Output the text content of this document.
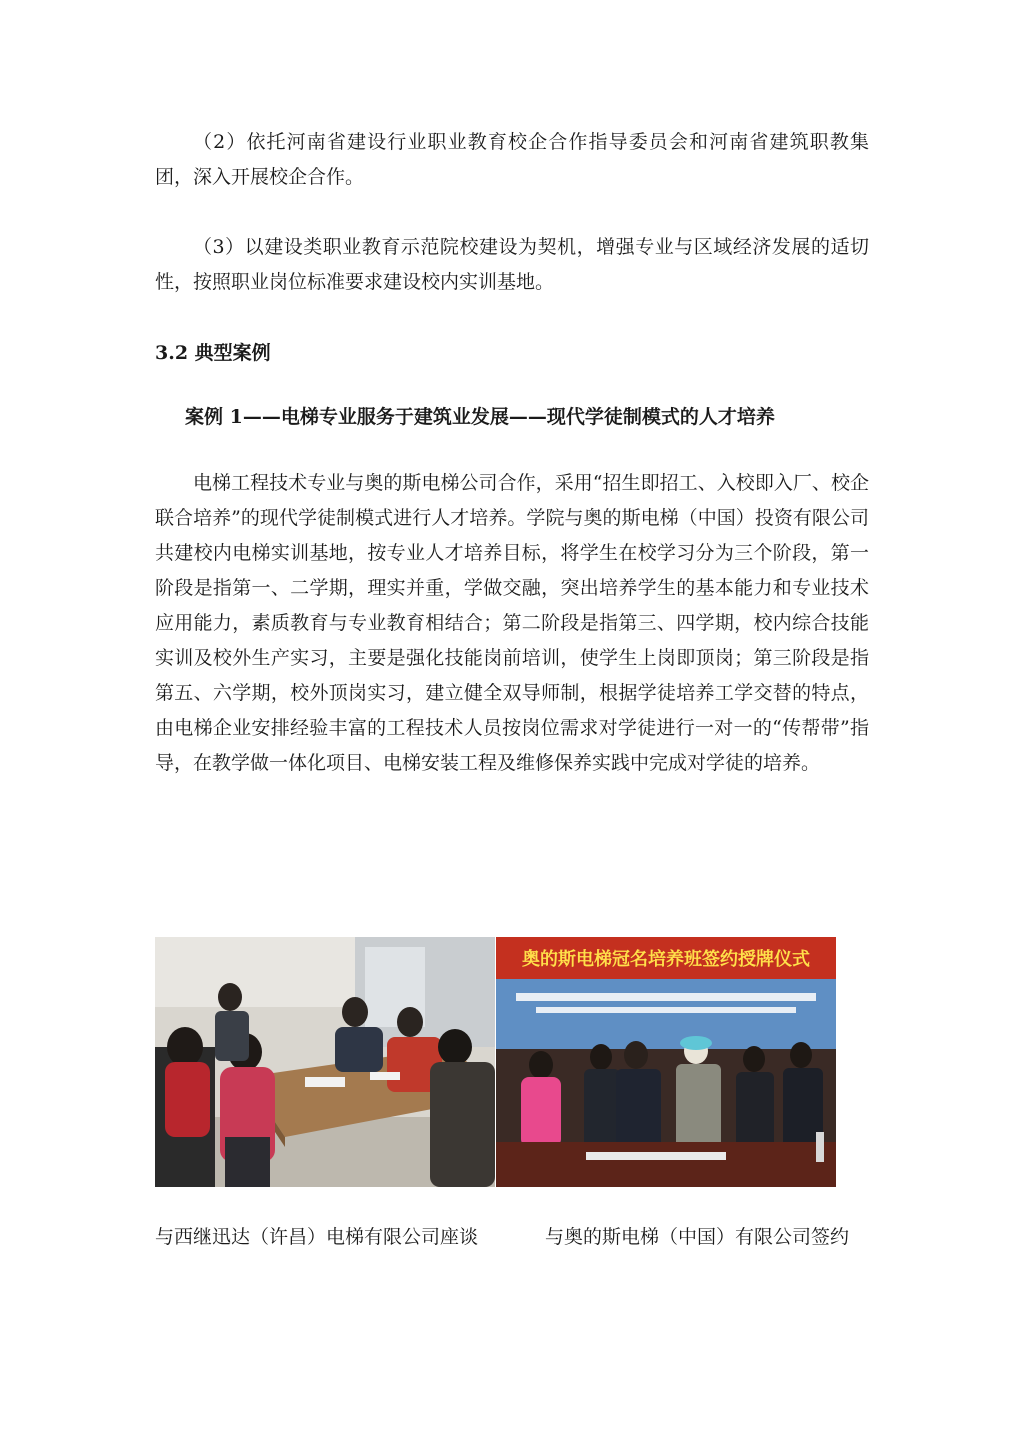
（2）依托河南省建设行业职业教育校企合作指导委员会和河南省建筑职教集团，深入开展校企合作。

（3）以建设类职业教育示范院校建设为契机，增强专业与区域经济发展的适切性，按照职业岗位标准要求建设校内实训基地。

3.2 典型案例

案例 1——电梯专业服务于建筑业发展——现代学徒制模式的人才培养

电梯工程技术专业与奥的斯电梯公司合作，采用“招生即招工、入校即入厂、校企联合培养”的现代学徒制模式进行人才培养。学院与奥的斯电梯（中国）投资有限公司共建校内电梯实训基地，按专业人才培养目标，将学生在校学习分为三个阶段，第一阶段是指第一、二学期，理实并重，学做交融，突出培养学生的基本能力和专业技术应用能力，素质教育与专业教育相结合；第二阶段是指第三、四学期，校内综合技能实训及校外生产实习，主要是强化技能岗前培训，使学生上岗即顶岗；第三阶段是指第五、六学期，校外顶岗实习，建立健全双导师制，根据学徒培养工学交替的特点，由电梯企业安排经验丰富的工程技术人员按岗位需求对学徒进行一对一的“传帮带”指导，在教学做一体化项目、电梯安装工程及维修保养实践中完成对学徒的培养。

奥的斯电梯冠名培养班签约授牌仪式

与西继迅达（许昌）电梯有限公司座谈	与奥的斯电梯（中国）有限公司签约
